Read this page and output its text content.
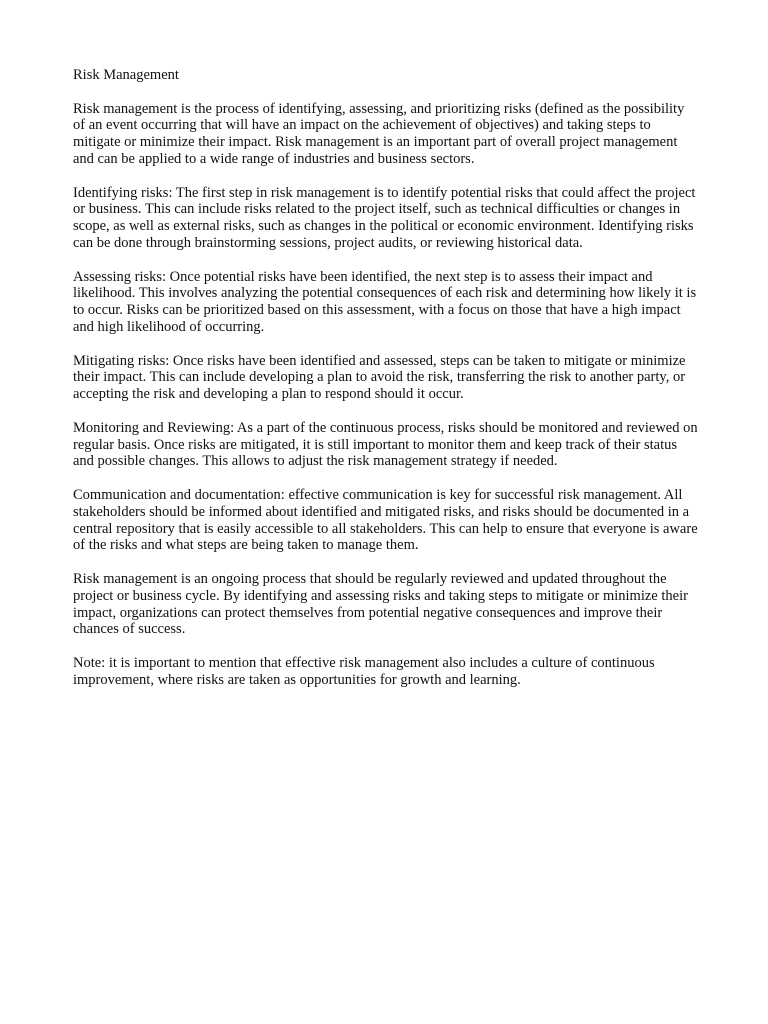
Risk Management

Risk management is the process of identifying, assessing, and prioritizing risks (defined as the possibility of an event occurring that will have an impact on the achievement of objectives) and taking steps to mitigate or minimize their impact. Risk management is an important part of overall project management and can be applied to a wide range of industries and business sectors.

Identifying risks: The first step in risk management is to identify potential risks that could affect the project or business. This can include risks related to the project itself, such as technical difficulties or changes in scope, as well as external risks, such as changes in the political or economic environment. Identifying risks can be done through brainstorming sessions, project audits, or reviewing historical data.

Assessing risks: Once potential risks have been identified, the next step is to assess their impact and likelihood. This involves analyzing the potential consequences of each risk and determining how likely it is to occur. Risks can be prioritized based on this assessment, with a focus on those that have a high impact and high likelihood of occurring.

Mitigating risks: Once risks have been identified and assessed, steps can be taken to mitigate or minimize their impact. This can include developing a plan to avoid the risk, transferring the risk to another party, or accepting the risk and developing a plan to respond should it occur.

Monitoring and Reviewing: As a part of the continuous process, risks should be monitored and reviewed on regular basis. Once risks are mitigated, it is still important to monitor them and keep track of their status and possible changes. This allows to adjust the risk management strategy if needed.

Communication and documentation: effective communication is key for successful risk management. All stakeholders should be informed about identified and mitigated risks, and risks should be documented in a central repository that is easily accessible to all stakeholders. This can help to ensure that everyone is aware of the risks and what steps are being taken to manage them.

Risk management is an ongoing process that should be regularly reviewed and updated throughout the project or business cycle. By identifying and assessing risks and taking steps to mitigate or minimize their impact, organizations can protect themselves from potential negative consequences and improve their chances of success.

Note: it is important to mention that effective risk management also includes a culture of continuous improvement, where risks are taken as opportunities for growth and learning.
